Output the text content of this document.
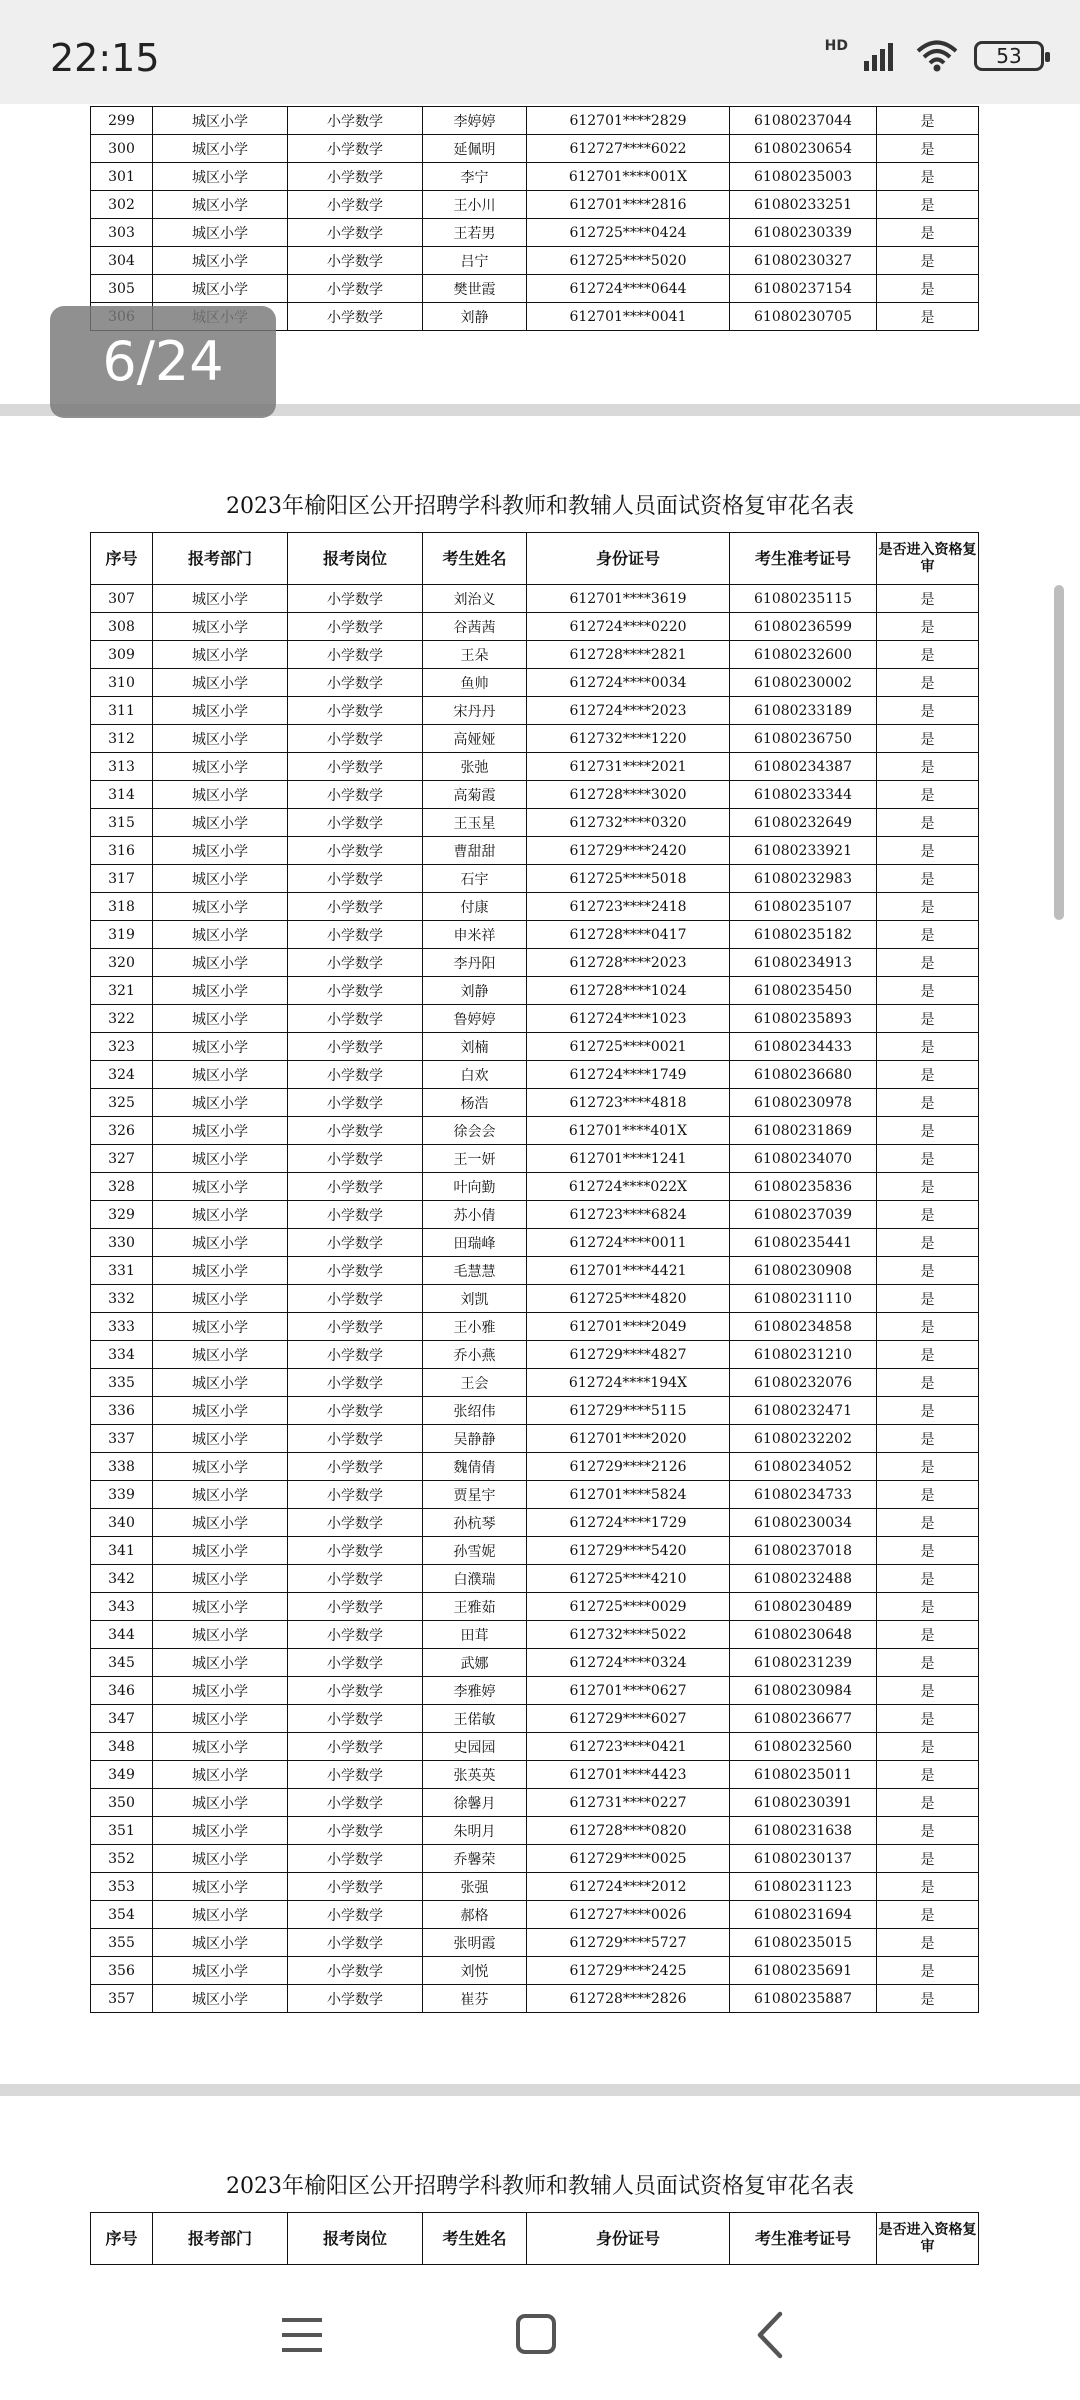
22:15	HD	53
299	城区小学	小学数学	李婷婷	612701****2829	61080237044	是
300	城区小学	小学数学	延佩明	612727****6022	61080230654	是
301	城区小学	小学数学	李宁	612701****001X	61080235003	是
302	城区小学	小学数学	王小川	612701****2816	61080233251	是
303	城区小学	小学数学	王若男	612725****0424	61080230339	是
304	城区小学	小学数学	吕宁	612725****5020	61080230327	是
305	城区小学	小学数学	樊世霞	612724****0644	61080237154	是
		小学数学	刘静	612701****0041	61080230705	是
2023年榆阳区公开招聘学科教师和教辅人员面试资格复审花名表
序号	报考部门	报考岗位	考生姓名	身份证号	考生准考证号	是否进入资格复审
307	城区小学	小学数学	刘治义	612701****3619	61080235115	是
308	城区小学	小学数学	谷茜茜	612724****0220	61080236599	是
309	城区小学	小学数学	王朵	612728****2821	61080232600	是
310	城区小学	小学数学	鱼帅	612724****0034	61080230002	是
311	城区小学	小学数学	宋丹丹	612724****2023	61080233189	是
312	城区小学	小学数学	高娅娅	612732****1220	61080236750	是
313	城区小学	小学数学	张弛	612731****2021	61080234387	是
314	城区小学	小学数学	高菊霞	612728****3020	61080233344	是
315	城区小学	小学数学	王玉星	612732****0320	61080232649	是
316	城区小学	小学数学	曹甜甜	612729****2420	61080233921	是
317	城区小学	小学数学	石宇	612725****5018	61080232983	是
318	城区小学	小学数学	付康	612723****2418	61080235107	是
319	城区小学	小学数学	申米祥	612728****0417	61080235182	是
320	城区小学	小学数学	李丹阳	612728****2023	61080234913	是
321	城区小学	小学数学	刘静	612728****1024	61080235450	是
322	城区小学	小学数学	鲁婷婷	612724****1023	61080235893	是
323	城区小学	小学数学	刘楠	612725****0021	61080234433	是
324	城区小学	小学数学	白欢	612724****1749	61080236680	是
325	城区小学	小学数学	杨浩	612723****4818	61080230978	是
326	城区小学	小学数学	徐会会	612701****401X	61080231869	是
327	城区小学	小学数学	王一妍	612701****1241	61080234070	是
328	城区小学	小学数学	叶向勤	612724****022X	61080235836	是
329	城区小学	小学数学	苏小倩	612723****6824	61080237039	是
330	城区小学	小学数学	田瑞峰	612724****0011	61080235441	是
331	城区小学	小学数学	毛慧慧	612701****4421	61080230908	是
332	城区小学	小学数学	刘凯	612725****4820	61080231110	是
333	城区小学	小学数学	王小雅	612701****2049	61080234858	是
334	城区小学	小学数学	乔小燕	612729****4827	61080231210	是
335	城区小学	小学数学	王会	612724****194X	61080232076	是
336	城区小学	小学数学	张绍伟	612729****5115	61080232471	是
337	城区小学	小学数学	吴静静	612701****2020	61080232202	是
338	城区小学	小学数学	魏倩倩	612729****2126	61080234052	是
339	城区小学	小学数学	贾星宇	612701****5824	61080234733	是
340	城区小学	小学数学	孙杭琴	612724****1729	61080230034	是
341	城区小学	小学数学	孙雪妮	612729****5420	61080237018	是
342	城区小学	小学数学	白濮瑞	612725****4210	61080232488	是
343	城区小学	小学数学	王雅茹	612725****0029	61080230489	是
344	城区小学	小学数学	田茸	612732****5022	61080230648	是
345	城区小学	小学数学	武娜	612724****0324	61080231239	是
346	城区小学	小学数学	李雅婷	612701****0627	61080230984	是
347	城区小学	小学数学	王偌敏	612729****6027	61080236677	是
348	城区小学	小学数学	史园园	612723****0421	61080232560	是
349	城区小学	小学数学	张英英	612701****4423	61080235011	是
350	城区小学	小学数学	徐馨月	612731****0227	61080230391	是
351	城区小学	小学数学	朱明月	612728****0820	61080231638	是
352	城区小学	小学数学	乔馨荣	612729****0025	61080230137	是
353	城区小学	小学数学	张强	612724****2012	61080231123	是
354	城区小学	小学数学	郝格	612727****0026	61080231694	是
355	城区小学	小学数学	张明霞	612729****5727	61080235015	是
356	城区小学	小学数学	刘悦	612729****2425	61080235691	是
357	城区小学	小学数学	崔芬	612728****2826	61080235887	是
2023年榆阳区公开招聘学科教师和教辅人员面试资格复审花名表
序号	报考部门	报考岗位	考生姓名	身份证号	考生准考证号	是否进入资格复审
6/24
